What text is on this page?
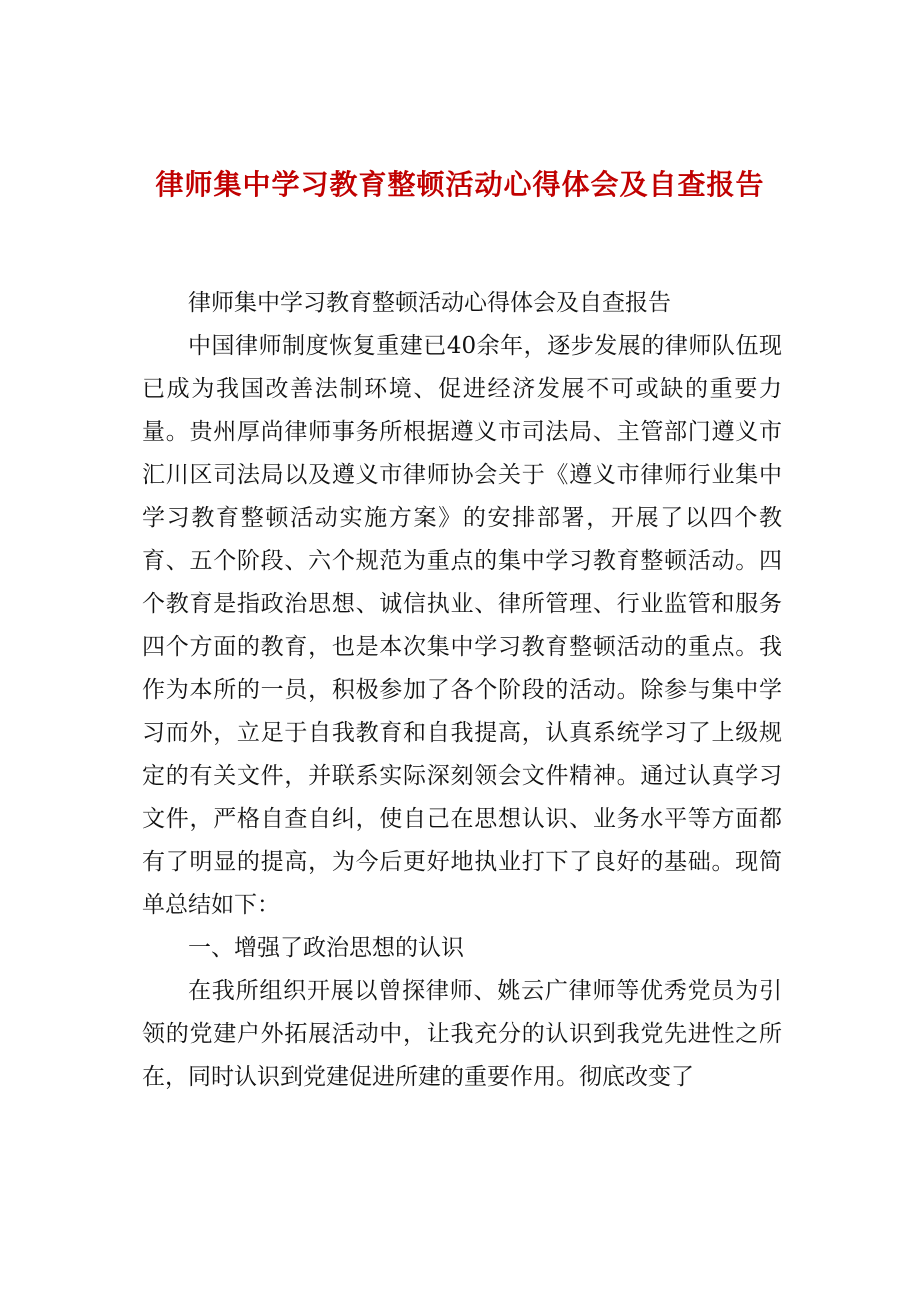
律师集中学习教育整顿活动心得体会及自查报告

律师集中学习教育整顿活动心得体会及自查报告

中国律师制度恢复重建已40余年，逐步发展的律师队伍现已成为我国改善法制环境、促进经济发展不可或缺的重要力量。贵州厚尚律师事务所根据遵义市司法局、主管部门遵义市汇川区司法局以及遵义市律师协会关于《遵义市律师行业集中学习教育整顿活动实施方案》的安排部署，开展了以四个教育、五个阶段、六个规范为重点的集中学习教育整顿活动。四个教育是指政治思想、诚信执业、律所管理、行业监管和服务四个方面的教育，也是本次集中学习教育整顿活动的重点。我作为本所的一员，积极参加了各个阶段的活动。除参与集中学习而外，立足于自我教育和自我提高，认真系统学习了上级规定的有关文件，并联系实际深刻领会文件精神。通过认真学习文件，严格自查自纠，使自己在思想认识、业务水平等方面都有了明显的提高，为今后更好地执业打下了良好的基础。现简单总结如下：

一、增强了政治思想的认识

在我所组织开展以曾探律师、姚云广律师等优秀党员为引领的党建户外拓展活动中，让我充分的认识到我党先进性之所在，同时认识到党建促进所建的重要作用。彻底改变了
